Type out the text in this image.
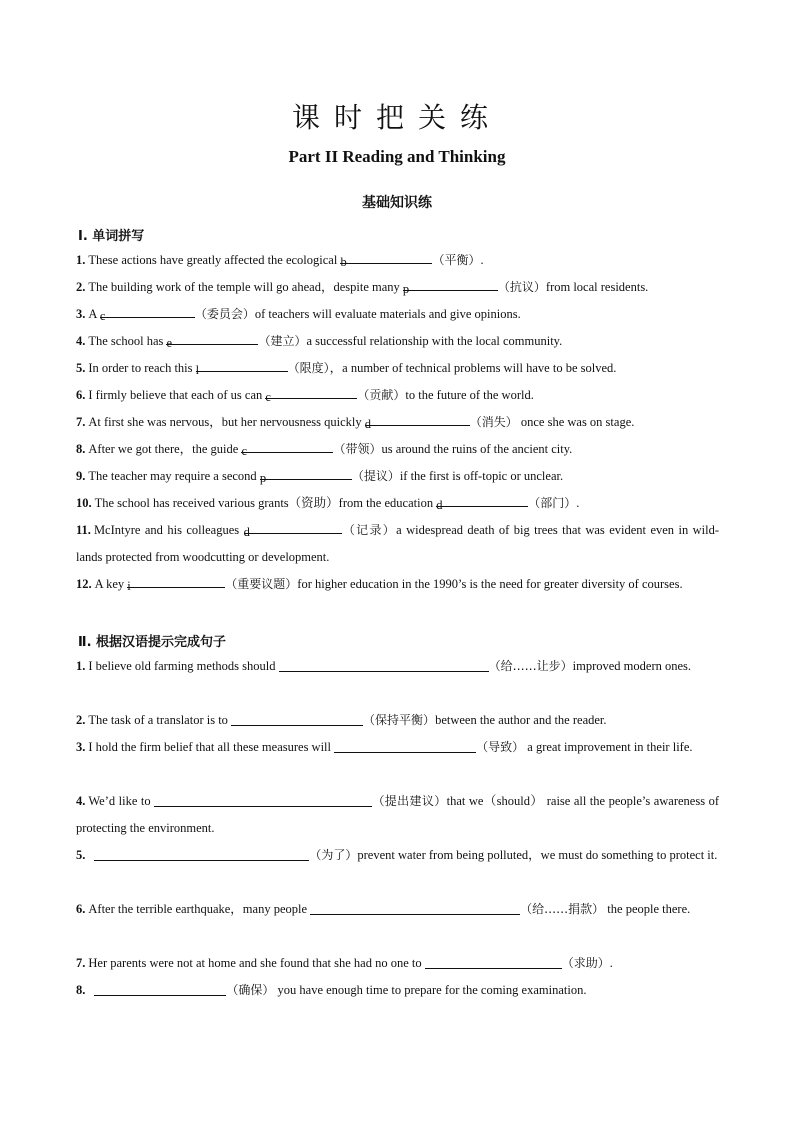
课时把关练
Part II Reading and Thinking
基础知识练
Ⅰ. 单词拼写
1. These actions have greatly affected the ecological b	（平衡）.
2. The building work of the temple will go ahead，despite many p	（抗议）from local residents.
3. A c	（委员会）of teachers will evaluate materials and give opinions.
4. The school has e	（建立）a successful relationship with the local community.
5. In order to reach this l	（限度），a number of technical problems will have to be solved.
6. I firmly believe that each of us can c	（贡献）to the future of the world.
7. At first she was nervous，but her nervousness quickly d	（消失） once she was on stage.
8. After we got there，the guide c	（带领）us around the ruins of the ancient city.
9. The teacher may require a second p	（提议）if the first is off-topic or unclear.
10. The school has received various grants（资助）from the education d	（部门）.
11. McIntyre and his colleagues d	（记录）a widespread death of big trees that was evident even in wild-lands protected from woodcutting or development.
12. A key i	（重要议题）for higher education in the 1990’s is the need for greater diversity of courses.
Ⅱ. 根据汉语提示完成句子
1. I believe old farming methods should	（给……让步）improved modern ones.
2. The task of a translator is to	（保持平衡）between the author and the reader.
3. I hold the firm belief that all these measures will	（导致） a great improvement in their life.
4. We’d like to	（提出建议）that we（should） raise all the people’s awareness of protecting the environment.
5.	（为了）prevent water from being polluted，we must do something to protect it.
6. After the terrible earthquake，many people	（给……捐款） the people there.
7. Her parents were not at home and she found that she had no one to	（求助）.
8.	（确保） you have enough time to prepare for the coming examination.
